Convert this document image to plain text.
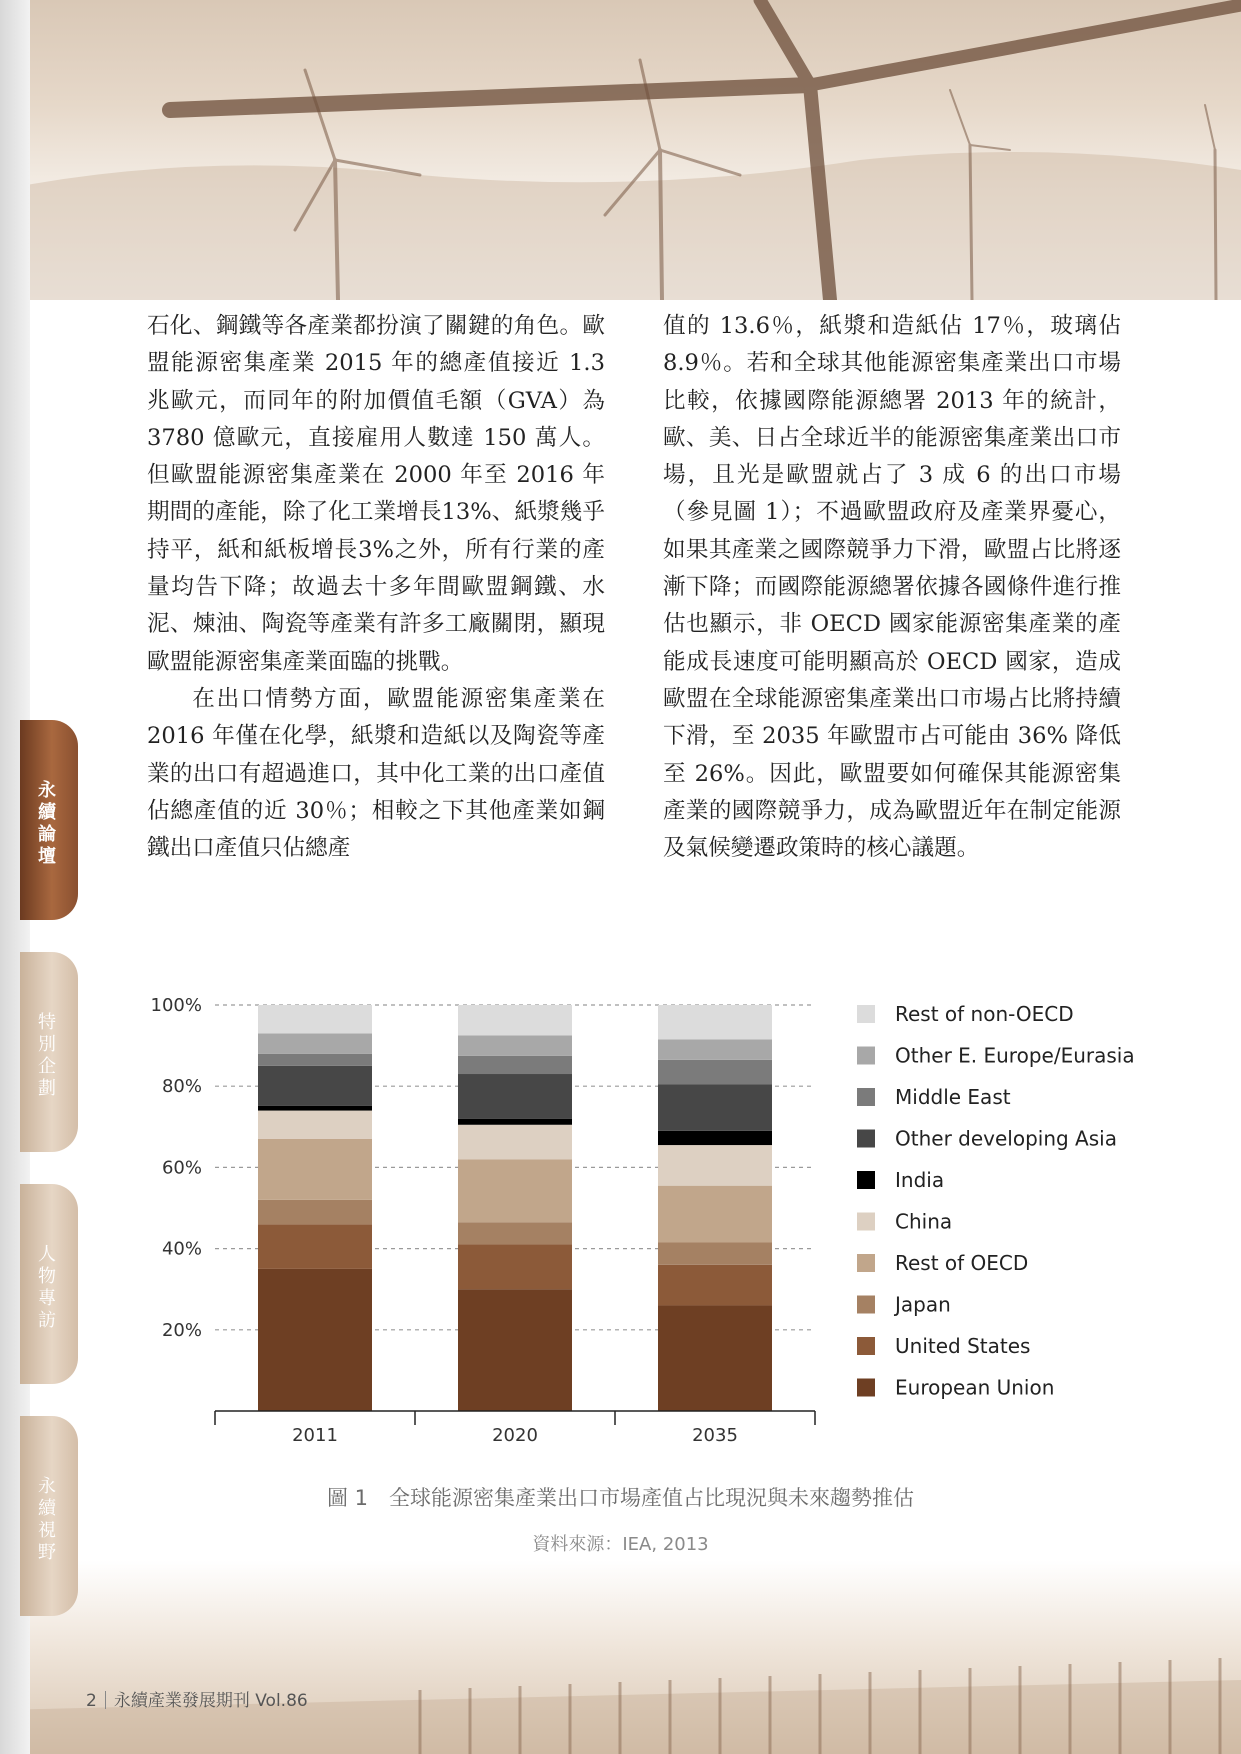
永
續
論
壇
特
別
企
劃
人
物
專
訪
永
續
視
野

石化、鋼鐵等各產業都扮演了關鍵的角色。歐盟能源密集產業 2015 年的總產值接近 1.3 兆歐元，而同年的附加價值毛額（GVA）為 3780 億歐元，直接雇用人數達 150 萬人。但歐盟能源密集產業在 2000 年至 2016 年期間的產能，除了化工業增長13%、紙漿幾乎持平，紙和紙板增長3%之外，所有行業的產量均告下降；故過去十多年間歐盟鋼鐵、水泥、煉油、陶瓷等產業有許多工廠關閉，顯現歐盟能源密集產業面臨的挑戰。

在出口情勢方面，歐盟能源密集產業在 2016 年僅在化學，紙漿和造紙以及陶瓷等產業的出口有超過進口，其中化工業的出口產值佔總產值的近 30％；相較之下其他產業如鋼鐵出口產值只佔總產

值的 13.6％，紙漿和造紙佔 17％，玻璃佔 8.9％。若和全球其他能源密集產業出口市場比較，依據國際能源總署 2013 年的統計，歐、美、日占全球近半的能源密集產業出口市場，且光是歐盟就占了 3 成 6 的出口市場（參見圖 1）；不過歐盟政府及產業界憂心，如果其產業之國際競爭力下滑，歐盟占比將逐漸下降；而國際能源總署依據各國條件進行推估也顯示，非 OECD 國家能源密集產業的產能成長速度可能明顯高於 OECD 國家，造成歐盟在全球能源密集產業出口市場占比將持續下滑，至 2035 年歐盟市占可能由 36% 降低至 26%。因此，歐盟要如何確保其能源密集產業的國際競爭力，成為歐盟近年在制定能源及氣候變遷政策時的核心議題。

20%
40%
60%
80%
100%
2011	2020	2035
Rest of non-OECD
Other E. Europe/Eurasia
Middle East
Other developing Asia
India
China
Rest of OECD
Japan
United States
European Union
圖 1　全球能源密集產業出口市場產值占比現況與未來趨勢推估
資料來源：IEA, 2013
2 永續產業發展期刊 Vol.86
